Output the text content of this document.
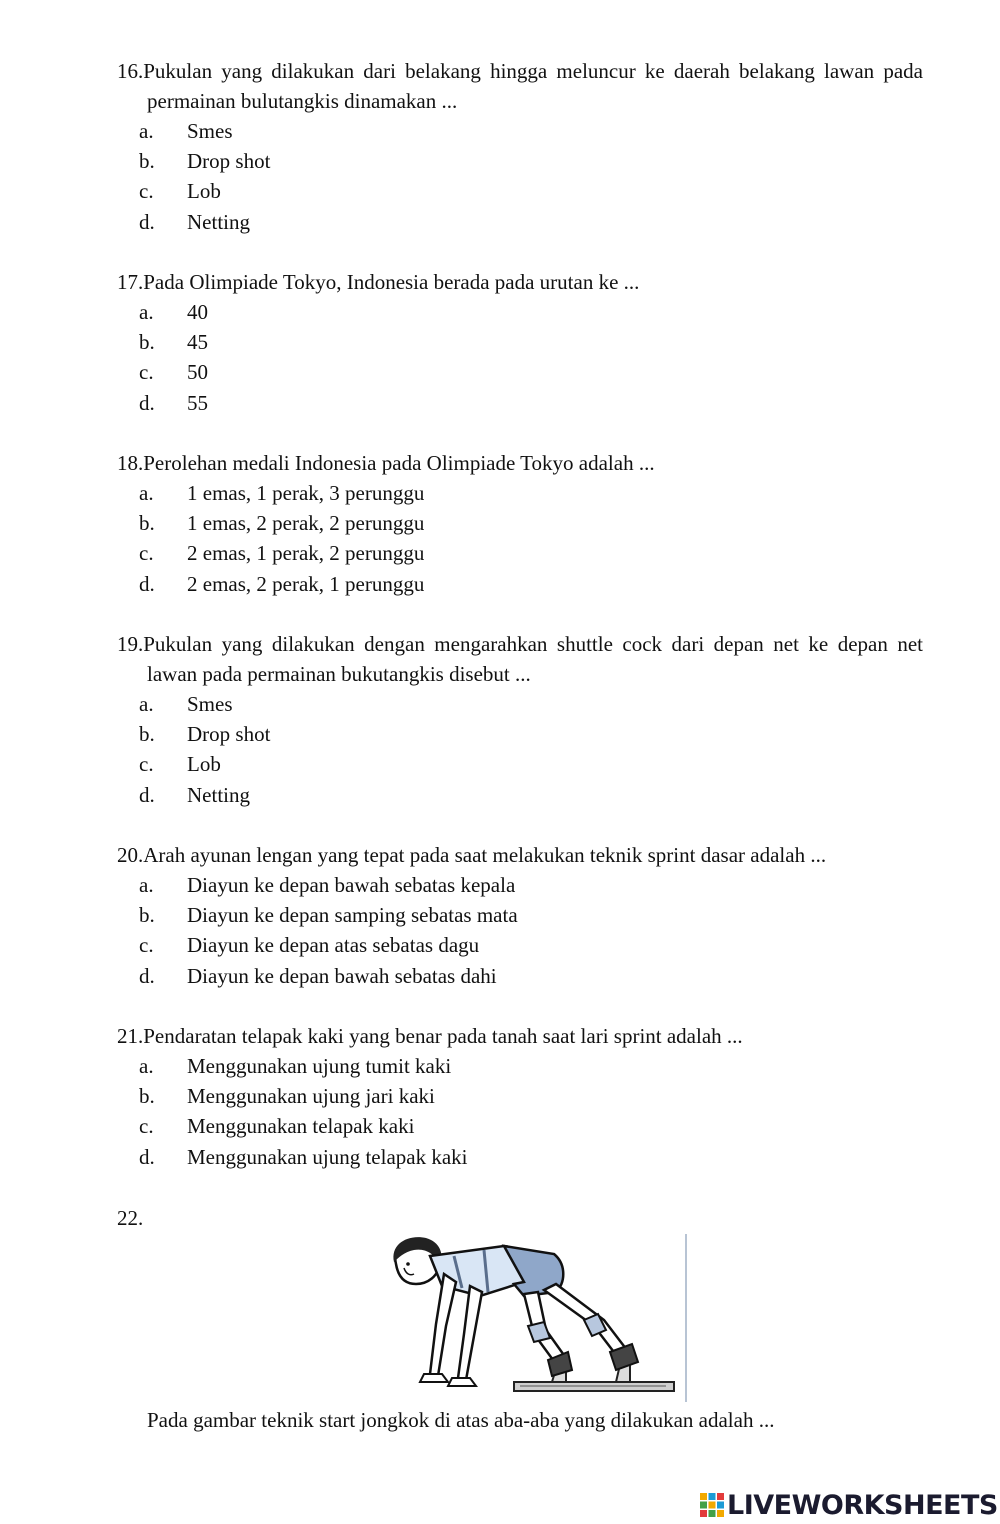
16.Pukulan yang dilakukan dari belakang hingga meluncur ke daerah belakang lawan pada permainan bulutangkis dinamakan ...

a. Smes
b. Drop shot
c. Lob
d. Netting

17.Pada Olimpiade Tokyo, Indonesia berada pada urutan ke ...

a. 40
b. 45
c. 50
d. 55

18.Perolehan medali Indonesia pada Olimpiade Tokyo adalah ...

a. 1 emas, 1 perak, 3 perunggu
b. 1 emas, 2 perak, 2 perunggu
c. 2 emas, 1 perak, 2 perunggu
d. 2 emas, 2 perak, 1 perunggu

19.Pukulan yang dilakukan dengan mengarahkan shuttle cock dari depan net ke depan net lawan pada permainan bukutangkis disebut ...

a. Smes
b. Drop shot
c. Lob
d. Netting

20.Arah ayunan lengan yang tepat pada saat melakukan teknik sprint dasar adalah ...

a. Diayun ke depan bawah sebatas kepala
b. Diayun ke depan samping sebatas mata
c. Diayun ke depan atas sebatas dagu
d. Diayun ke depan bawah sebatas dahi

21.Pendaratan telapak kaki yang benar pada tanah saat lari sprint adalah ...

a. Menggunakan ujung tumit kaki
b. Menggunakan ujung jari kaki
c. Menggunakan telapak kaki
d. Menggunakan ujung telapak kaki
22.
Pada gambar teknik start jongkok di atas aba-aba yang dilakukan adalah ...
LIVEWORKSHEETS
